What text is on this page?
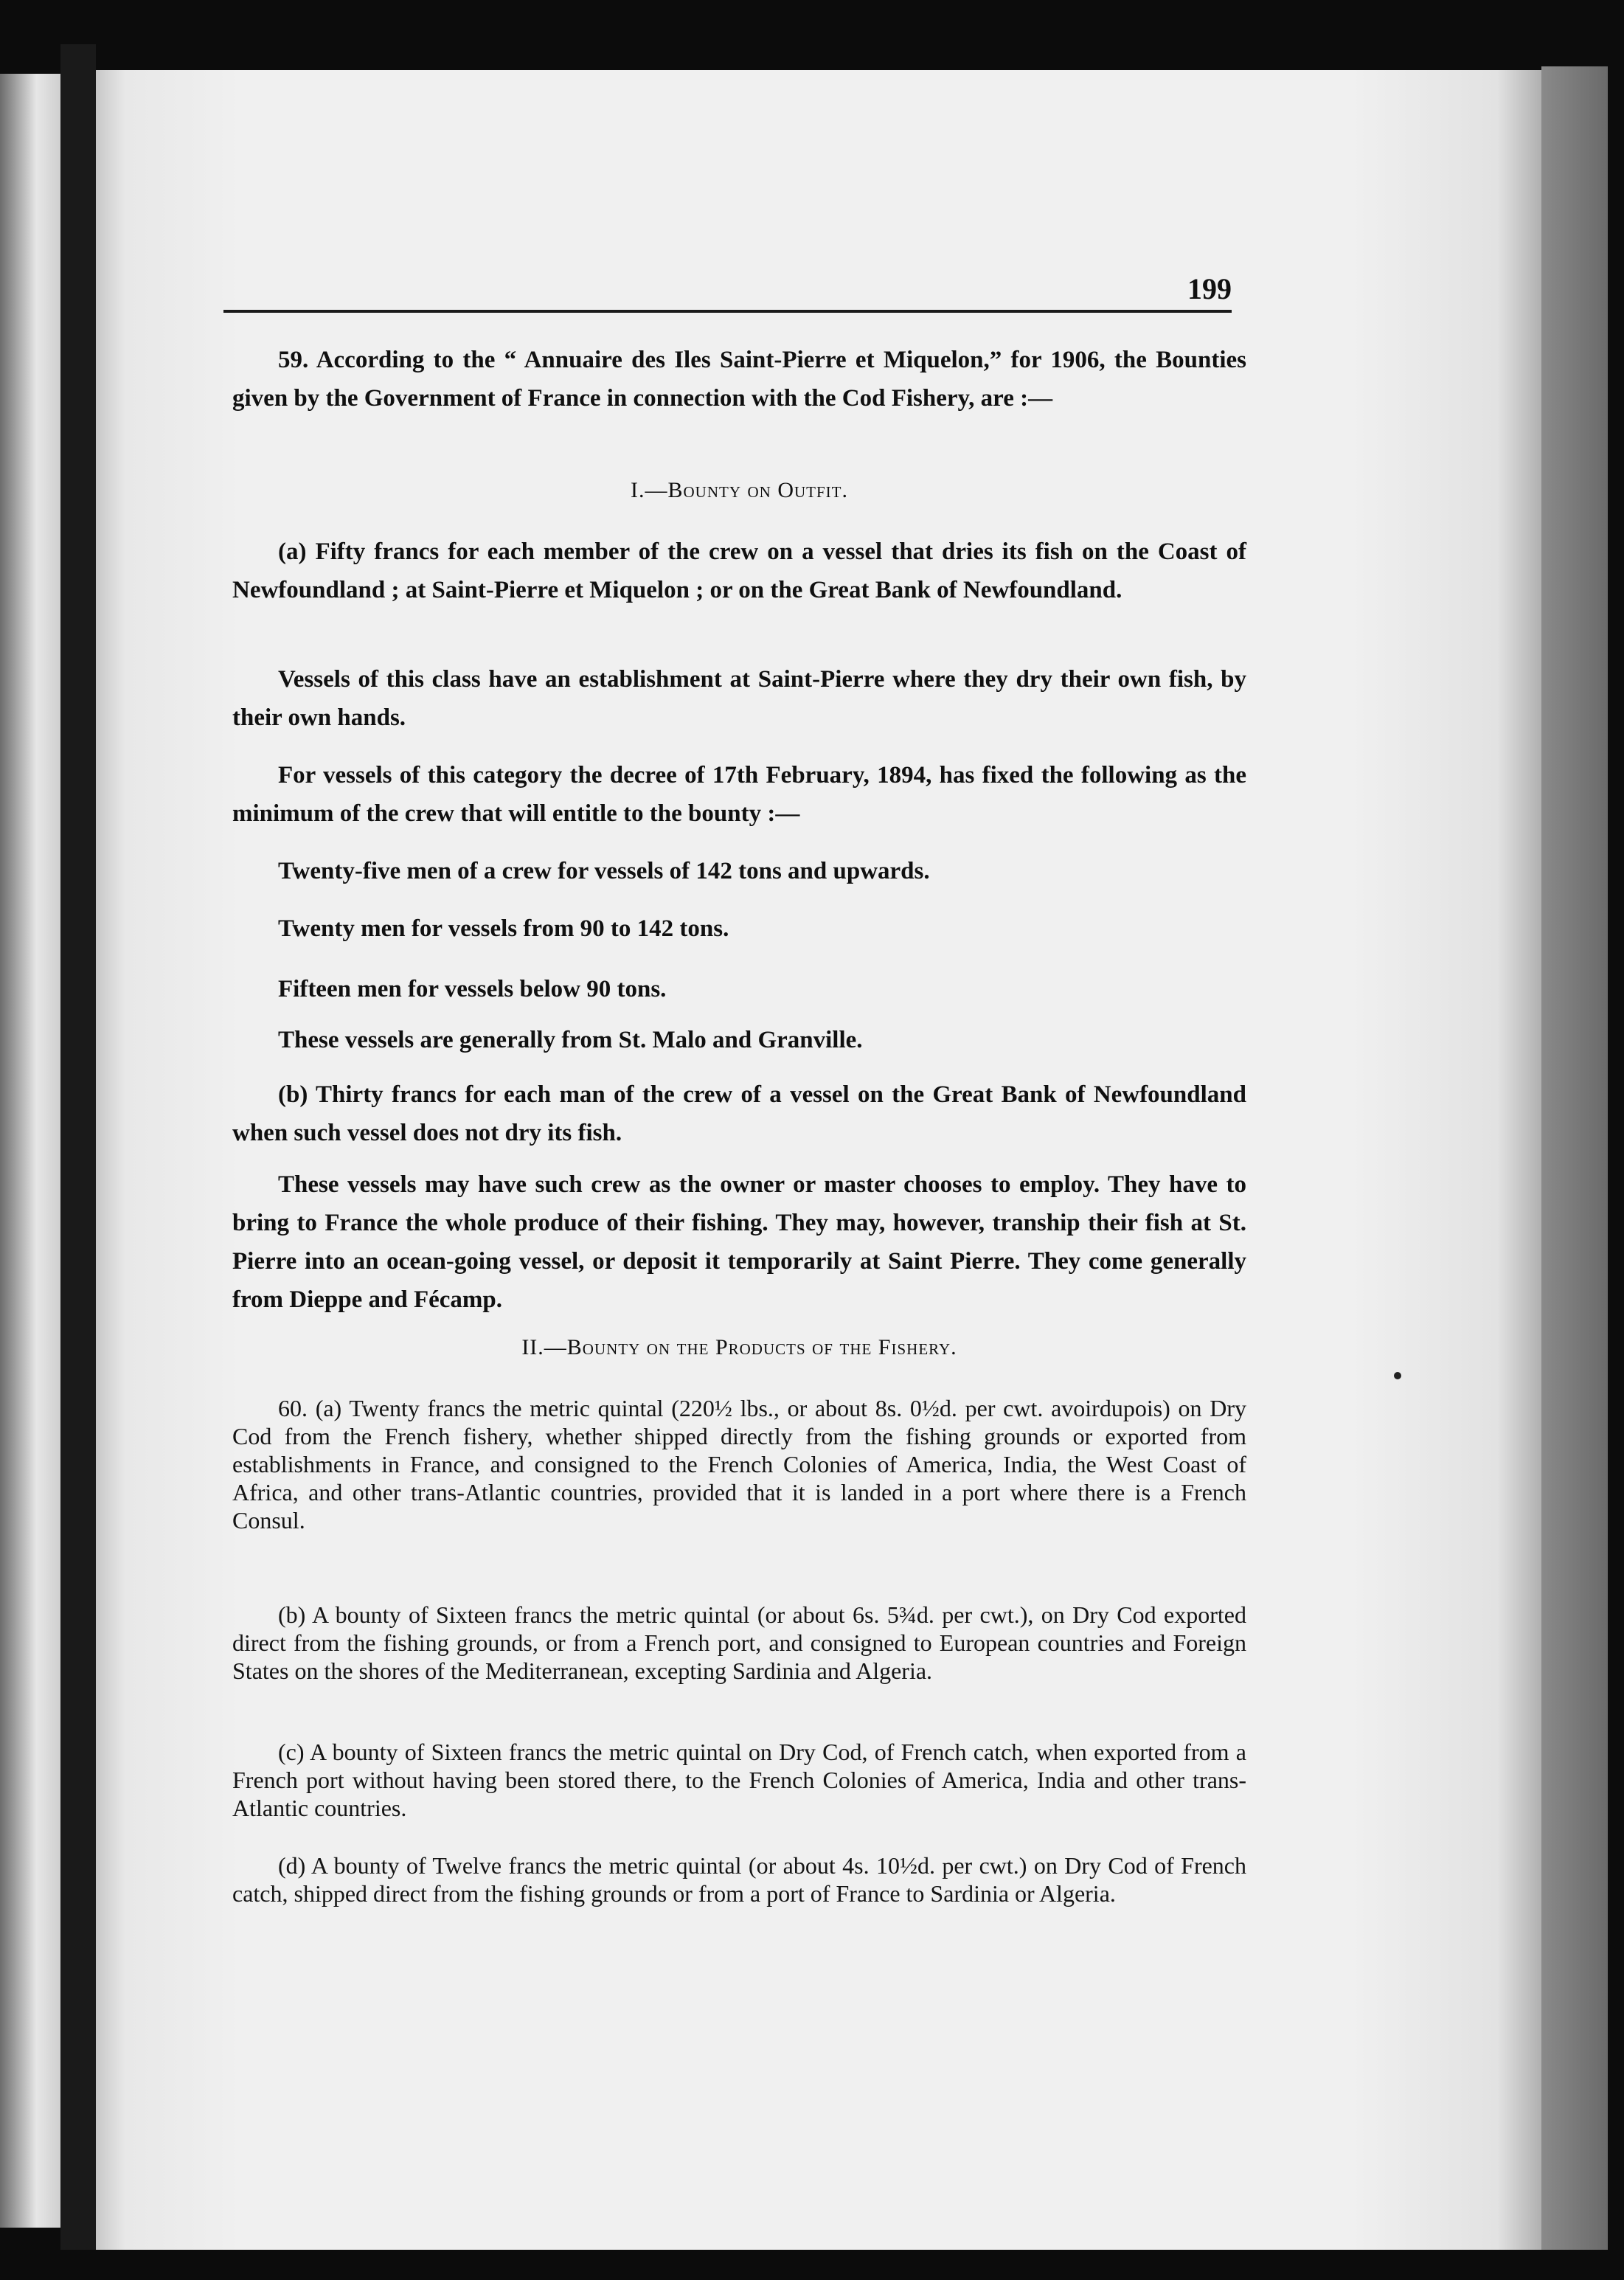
199
59. According to the “ Annuaire des Iles Saint-Pierre et Miquelon,” for 1906, the Bounties given by the Government of France in connection with the Cod Fishery, are :—
I.—Bounty on Outfit.
(a) Fifty francs for each member of the crew on a vessel that dries its fish on the Coast of Newfoundland ; at Saint-Pierre et Miquelon ; or on the Great Bank of Newfoundland.
Vessels of this class have an establishment at Saint-Pierre where they dry their own fish, by their own hands.
For vessels of this category the decree of 17th February, 1894, has fixed the following as the minimum of the crew that will entitle to the bounty :—
Twenty-five men of a crew for vessels of 142 tons and upwards.
Twenty men for vessels from 90 to 142 tons.
Fifteen men for vessels below 90 tons.
These vessels are generally from St. Malo and Granville.
(b) Thirty francs for each man of the crew of a vessel on the Great Bank of Newfoundland when such vessel does not dry its fish.
These vessels may have such crew as the owner or master chooses to employ. They have to bring to France the whole produce of their fishing. They may, however, tranship their fish at St. Pierre into an ocean-going vessel, or deposit it temporarily at Saint Pierre. They come generally from Dieppe and Fécamp.
II.—Bounty on the Products of the Fishery.
60. (a) Twenty francs the metric quintal (220½ lbs., or about 8s. 0½d. per cwt. avoirdupois) on Dry Cod from the French fishery, whether shipped directly from the fishing grounds or exported from establishments in France, and consigned to the French Colonies of America, India, the West Coast of Africa, and other trans-Atlantic countries, provided that it is landed in a port where there is a French Consul.
(b) A bounty of Sixteen francs the metric quintal (or about 6s. 5¾d. per cwt.), on Dry Cod exported direct from the fishing grounds, or from a French port, and consigned to European countries and Foreign States on the shores of the Mediterranean, excepting Sardinia and Algeria.
(c) A bounty of Sixteen francs the metric quintal on Dry Cod, of French catch, when exported from a French port without having been stored there, to the French Colonies of America, India and other trans-Atlantic countries.
(d) A bounty of Twelve francs the metric quintal (or about 4s. 10½d. per cwt.) on Dry Cod of French catch, shipped direct from the fishing grounds or from a port of France to Sardinia or Algeria.
